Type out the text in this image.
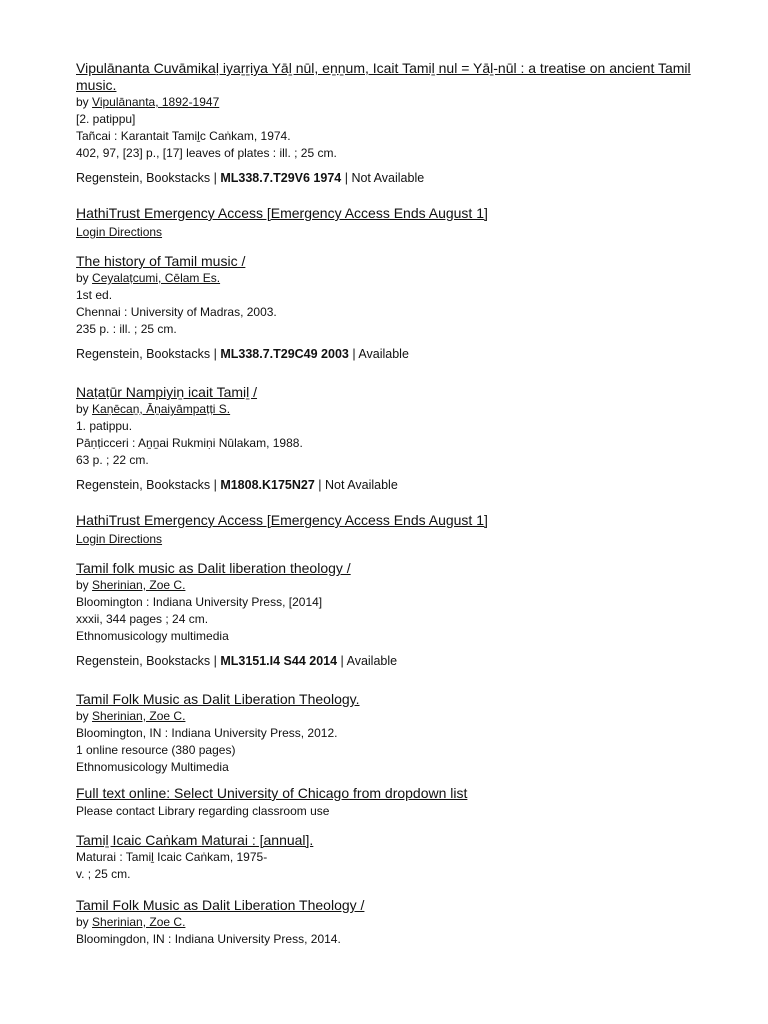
Vipulānanta Cuvāmikaḷ iyaṟṟiya Yāḻ nūl, eṉṉum, Icait Tamiḻ nul = Yāḻ-nūl : a treatise on ancient Tamil music.
by Vipulānanta, 1892-1947
[2. patippu]
Tañcai : Karantait Tamiḻc Caṅkam, 1974.
402, 97, [23] p., [17] leaves of plates : ill. ; 25 cm.
Regenstein, Bookstacks | ML338.7.T29V6 1974 | Not Available
HathiTrust Emergency Access [Emergency Access Ends August 1]
Login Directions
The history of Tamil music /
by Ceyalaṭcumi, Cēlam Es.
1st ed.
Chennai : University of Madras, 2003.
235 p. : ill. ; 25 cm.
Regenstein, Bookstacks | ML338.7.T29C49 2003 | Available
Naṭaṭūr Nampiyiṉ icait Tamiḻ /
by Kaṇēcaṉ, Āṉaiyāmpaṭṭi S.
1. patippu.
Pāṇṭicceri : Aṉṉai Rukmiṇi Nūlakam, 1988.
63 p. ; 22 cm.
Regenstein, Bookstacks | M1808.K175N27 | Not Available
HathiTrust Emergency Access [Emergency Access Ends August 1]
Login Directions
Tamil folk music as Dalit liberation theology /
by Sherinian, Zoe C.
Bloomington : Indiana University Press, [2014]
xxxii, 344 pages ; 24 cm.
Ethnomusicology multimedia
Regenstein, Bookstacks | ML3151.I4 S44 2014 | Available
Tamil Folk Music as Dalit Liberation Theology.
by Sherinian, Zoe C.
Bloomington, IN : Indiana University Press, 2012.
1 online resource (380 pages)
Ethnomusicology Multimedia
Full text online: Select University of Chicago from dropdown list
Please contact Library regarding classroom use
Tamiḻ Icaic Caṅkam Maturai : [annual].
Maturai : Tamiḻ Icaic Caṅkam, 1975-
v. ; 25 cm.
Tamil Folk Music as Dalit Liberation Theology /
by Sherinian, Zoe C.
Bloomingdon, IN : Indiana University Press, 2014.
